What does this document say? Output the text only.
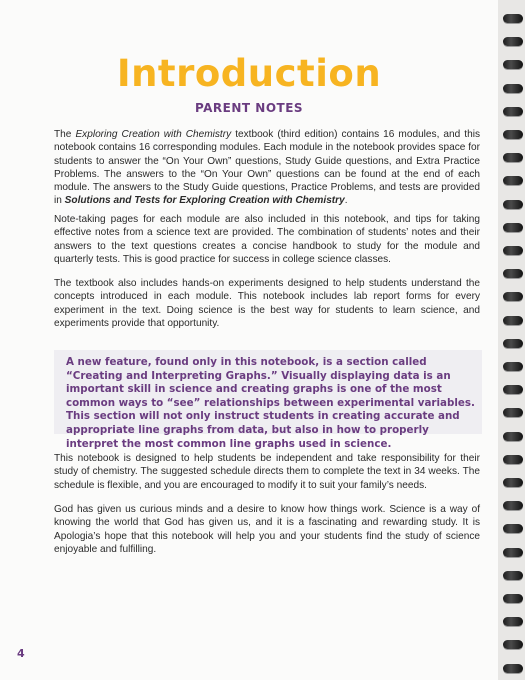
Introduction
PARENT NOTES

The Exploring Creation with Chemistry textbook (third edition) contains 16 modules, and this notebook contains 16 corresponding modules. Each module in the notebook provides space for students to answer the “On Your Own” questions, Study Guide questions, and Extra Practice Problems. The answers to the “On Your Own” questions can be found at the end of each module. The answers to the Study Guide questions, Practice Problems, and tests are provided in Solutions and Tests for Exploring Creation with Chemistry.

Note-taking pages for each module are also included in this notebook, and tips for taking effective notes from a science text are provided. The combination of students’ notes and their answers to the text questions creates a concise handbook to study for the module and quarterly tests. This is good practice for success in college science classes.

The textbook also includes hands-on experiments designed to help students understand the concepts introduced in each module. This notebook includes lab report forms for every experiment in the text. Doing science is the best way for students to learn science, and experiments provide that opportunity.

A new feature, found only in this notebook, is a section called “Creating and Interpreting Graphs.” Visually displaying data is an important skill in science and creating graphs is one of the most common ways to “see” relationships between experimental variables. This section will not only instruct students in creating accurate and appropriate line graphs from data, but also in how to properly interpret the most common line graphs used in science.

This notebook is designed to help students be independent and take responsibility for their study of chemistry. The suggested schedule directs them to complete the text in 34 weeks. The schedule is flexible, and you are encouraged to modify it to suit your family’s needs.

God has given us curious minds and a desire to know how things work. Science is a way of knowing the world that God has given us, and it is a fascinating and rewarding study. It is Apologia’s hope that this notebook will help you and your students find the study of science enjoyable and fulfilling.

4
